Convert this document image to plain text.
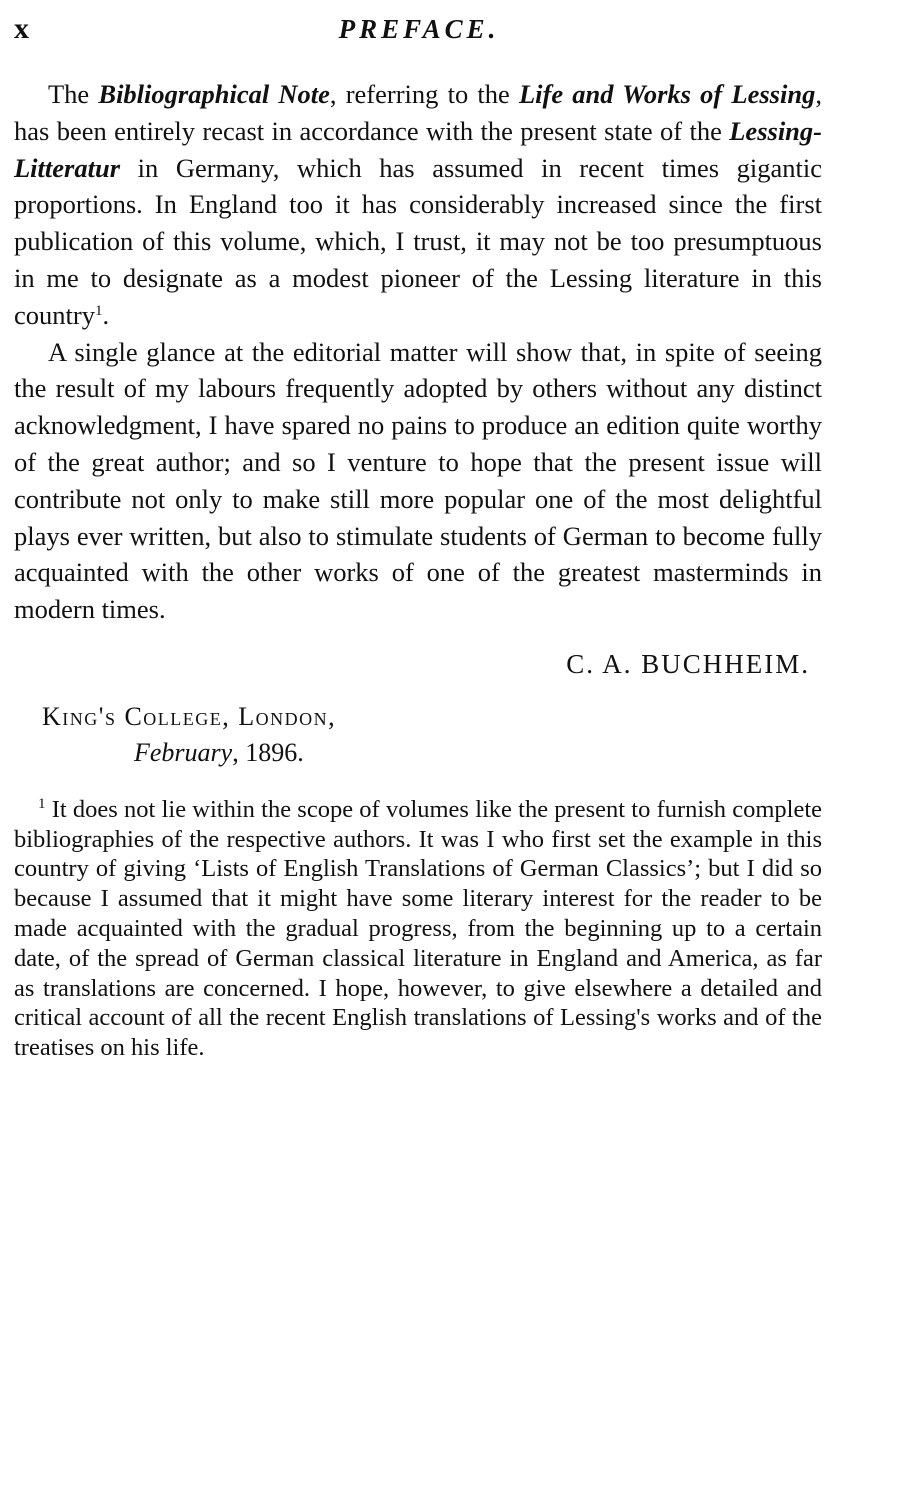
x	PREFACE.

The Bibliographical Note, referring to the Life and Works of Lessing, has been entirely recast in accordance with the present state of the Lessing-Litteratur in Germany, which has assumed in recent times gigantic proportions. In England too it has considerably increased since the first publication of this volume, which, I trust, it may not be too presumptuous in me to designate as a modest pioneer of the Lessing literature in this country$^1$.

A single glance at the editorial matter will show that, in spite of seeing the result of my labours frequently adopted by others without any distinct acknowledgment, I have spared no pains to produce an edition quite worthy of the great author; and so I venture to hope that the present issue will contribute not only to make still more popular one of the most delightful plays ever written, but also to stimulate students of German to become fully acquainted with the other works of one of the greatest masterminds in modern times.

C. A. BUCHHEIM.
King's College, London,
February, 1896.

$^1$ It does not lie within the scope of volumes like the present to furnish complete bibliographies of the respective authors. It was I who first set the example in this country of giving ‘Lists of English Translations of German Classics’; but I did so because I assumed that it might have some literary interest for the reader to be made acquainted with the gradual progress, from the beginning up to a certain date, of the spread of German classical literature in England and America, as far as translations are concerned. I hope, however, to give elsewhere a detailed and critical account of all the recent English translations of Lessing's works and of the treatises on his life.
